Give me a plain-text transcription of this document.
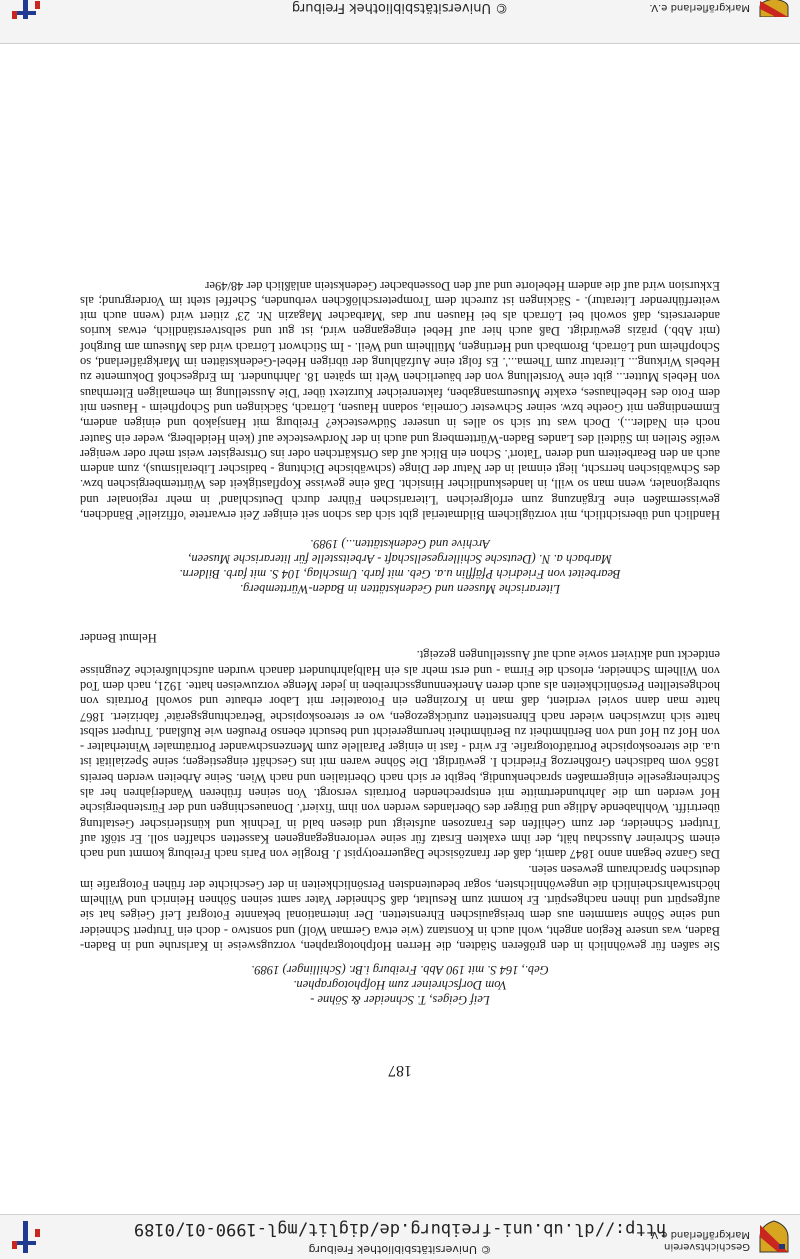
Geschichtsverein
Markgräflerland e.V.
© Universitätsbibliothek Freiburg
http://dl.ub.uni-freiburg.de/diglit/mgl-1990-01/0189
187
Leif Geiges, T. Schneider & Söhne -
Vom Dorfschreiner zum Hofphotographen.
Geb., 164 S. mit 190 Abb. Freiburg i.Br. (Schillinger) 1989.

Sie saßen für gewöhnlich in den größeren Städten, die Herren Hofphotographen, vorzugsweise in Karlsruhe und in Baden-Baden, was unsere Region angeht, wohl auch in Konstanz (wie etwa German Wolf) und sonstwo - doch ein Trutpert Schneider und seine Söhne stammten aus dem breisgauischen Ehrenstetten. Der international bekannte Fotograf Leif Geiges hat sie aufgespürt und ihnen nachgespürt. Er kommt zum Resultat, daß Schneider Vater samt seinen Söhnen Heinrich und Wilhelm höchstwahrscheinlich die ungewöhnlichsten, sogar bedeutendsten Persönlichkeiten in der Geschichte der frühen Fotografie im deutschen Sprachraum gewesen seien.

Das Ganze begann anno 1847 damit, daß der französische Daguerreotypist J. Broglie von Paris nach Freiburg kommt und nach einem Schreiner Ausschau hält, der ihm exakten Ersatz für seine verlorengegangenen Kassetten schaffen soll. Er stößt auf Trutpert Schneider, der zum Gehilfen des Franzosen aufsteigt und diesen bald in Technik und künstlerischer Gestaltung übertrifft. Wohlhabende Adlige und Bürger des Oberlandes werden von ihm 'fixiert'. Donaueschingen und der Fürstenbergische Hof werden um die Jahrhundertmitte mit entsprechenden Portraits versorgt. Von seinen früheren Wanderjahren her als Schreinergeselle einigermaßen sprachenkundig, begibt er sich nach Oberitalien und nach Wien. Seine Arbeiten werden bereits 1856 vom badischen Großherzog Friedrich I. gewürdigt. Die Söhne waren mit ins Geschäft eingestiegen; seine Spezialität ist u.a. die stereoskopische Porträtfotografie. Er wird - fast in einiger Parallele zum Menzenschwander Porträtmaler Winterhalter - von Hof zu Hof und von Berühmtheit zu Berühmtheit herumgereicht und besucht ebenso Preußen wie Rußland. Trutpert selbst hatte sich inzwischen wieder nach Ehrenstetten zurückgezogen, wo er stereoskopische 'Betrachtungsgeräte' fabriziert. 1867 hatte man dann soviel verdient, daß man in Krozingen ein Fotoatelier mit Labor erbaute und sowohl Portraits von hochgestellten Persönlichkeiten als auch deren Anerkennungsschreiben in jeder Menge vorzuweisen hatte. 1921, nach dem Tod von Wilhelm Schneider, erlosch die Firma - und erst mehr als ein Halbjahrhundert danach wurden aufschlußreiche Zeugnisse entdeckt und aktiviert sowie auch auf Ausstellungen gezeigt.

Helmut Bender
Literarische Museen und Gedenkstätten in Baden-Württemberg.
Bearbeitet von Friedrich Pfäfflin u.a. Geb. mit farb. Umschlag, 104 S. mit farb. Bildern.
Marbach a. N. (Deutsche Schillergesellschaft - Arbeitsstelle für literarische Museen,
Archive und Gedenkstätten...) 1989.

Handlich und übersichtlich, mit vorzüglichem Bildmaterial gibt sich das schon seit einiger Zeit erwartete 'offizielle' Bändchen, gewissermaßen eine Ergänzung zum erfolgreichen 'Literarischen Führer durch Deutschland' in mehr regionaler und subregionaler, wenn man so will, in landeskundlicher Hinsicht. Daß eine gewisse Kopflastigkeit des Württembergischen bzw. des Schwäbischen herrscht, liegt einmal in der Natur der Dinge (schwäbische Dichtung - badischer Liberalismus), zum andern auch an den Bearbeitern und deren 'Tatort'. Schon ein Blick auf das Ortskärtchen oder ins Ortsregister weist mehr oder weniger weiße Stellen im Südteil des Landes Baden-Württemberg und auch in der Nordwestecke auf (kein Heidelberg, weder ein Sauter noch ein Nadler...). Doch was tut sich so alles in unserer Südwestecke? Freiburg mit Hansjakob und einigen andern, Emmendingen mit Goethe bzw. seiner Schwester Cornelia, sodann Hausen, Lörrach, Säckingen und Schopfheim - Hausen mit dem Foto des Hebelhauses, exakte Museumsangaben, faktenreicher Kurztext über 'Die Ausstellung im ehemaligen Elternhaus von Hebels Mutter... gibt eine Vorstellung von der bäuerlichen Welt im späten 18. Jahrhundert. Im Erdgeschoß Dokumente zu Hebels Wirkung... Literatur zum Thema...'. Es folgt eine Aufzählung der übrigen Hebel-Gedenkstätten im Markgräflerland, so Schopfheim und Lörrach, Brombach und Hertingen, Müllheim und Weil. - Im Stichwort Lörrach wird das Museum am Burghof (mit Abb.) präzis gewürdigt. Daß auch hier auf Hebel eingegangen wird, ist gut und selbstverständlich, etwas kurios andererseits, daß sowohl bei Lörrach als bei Hausen nur das 'Marbacher Magazin Nr. 23' zitiert wird (wenn auch mit weiterführender Literatur). - Säckingen ist zurecht dem Trompeterschlößchen verbunden, Scheffel steht im Vordergrund; als Exkursion wird auf die andern Hebelorte und auf den Dossenbacher Gedenkstein anläßlich der 48/49er

Markgräflerland e.V.
© Universitätsbibliothek Freiburg
